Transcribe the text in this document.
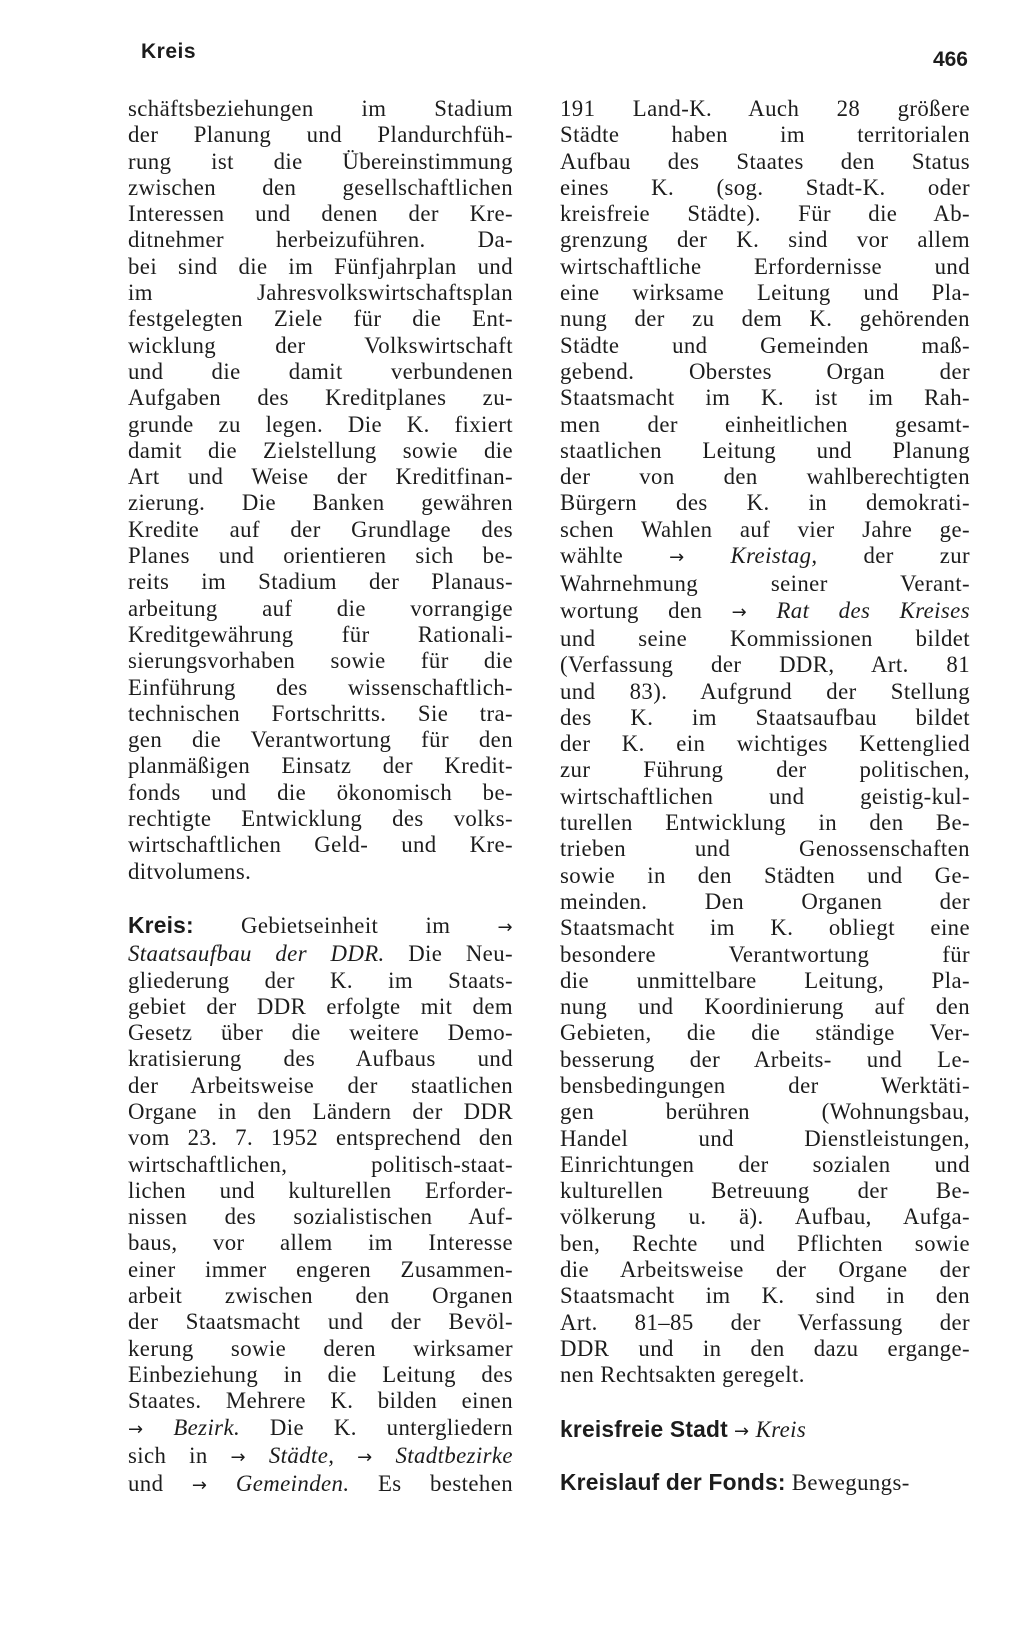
Kreis	466
schäftsbeziehungen im Stadium
der Planung und Plandurchfüh-
rung ist die Übereinstimmung
zwischen den gesellschaftlichen
Interessen und denen der Kre-
ditnehmer herbeizuführen. Da-
bei sind die im Fünfjahrplan und
im Jahresvolkswirtschaftsplan
festgelegten Ziele für die Ent-
wicklung der Volkswirtschaft
und die damit verbundenen
Aufgaben des Kreditplanes zu-
grunde zu legen. Die K. fixiert
damit die Zielstellung sowie die
Art und Weise der Kreditfinan-
zierung. Die Banken gewähren
Kredite auf der Grundlage des
Planes und orientieren sich be-
reits im Stadium der Planaus-
arbeitung auf die vorrangige
Kreditgewährung für Rationali-
sierungsvorhaben sowie für die
Einführung des wissenschaftlich-
technischen Fortschritts. Sie tra-
gen die Verantwortung für den
planmäßigen Einsatz der Kredit-
fonds und die ökonomisch be-
rechtigte Entwicklung des volks-
wirtschaftlichen Geld- und Kre-
ditvolumens.
Kreis: Gebietseinheit im	→
Staatsaufbau der DDR. Die Neu-
gliederung der K. im Staats-
gebiet der DDR erfolgte mit dem
Gesetz über die weitere Demo-
kratisierung des Aufbaus und
der Arbeitsweise der staatlichen
Organe in den Ländern der DDR
vom 23. 7. 1952 entsprechend den
wirtschaftlichen, politisch-staat-
lichen und kulturellen Erforder-
nissen des sozialistischen Auf-
baus, vor allem im Interesse
einer immer engeren Zusammen-
arbeit zwischen den Organen
der Staatsmacht und der Bevöl-
kerung sowie deren wirksamer
Einbeziehung in die Leitung des
Staates. Mehrere K. bilden einen
→ Bezirk. Die K. untergliedern
sich in → Städte, → Stadtbezirke
und → Gemeinden. Es bestehen
191 Land-K. Auch 28 größere
Städte haben im territorialen
Aufbau des Staates den Status
eines K. (sog. Stadt-K. oder
kreisfreie Städte). Für die Ab-
grenzung der K. sind vor allem
wirtschaftliche Erfordernisse und
eine wirksame Leitung und Pla-
nung der zu dem K. gehörenden
Städte und Gemeinden maß-
gebend. Oberstes Organ der
Staatsmacht im K. ist im Rah-
men der einheitlichen gesamt-
staatlichen Leitung und Planung
der von den wahlberechtigten
Bürgern des K. in demokrati-
schen Wahlen auf vier Jahre ge-
wählte	→ Kreistag, der zur
Wahrnehmung seiner Verant-
wortung den → Rat des Kreises
und seine Kommissionen bildet
(Verfassung der DDR, Art. 81
und 83). Aufgrund der Stellung
des K. im Staatsaufbau bildet
der K. ein wichtiges Kettenglied
zur Führung der politischen,
wirtschaftlichen und geistig-kul-
turellen Entwicklung in den Be-
trieben und Genossenschaften
sowie in den Städten und Ge-
meinden. Den Organen der
Staatsmacht im K. obliegt eine
besondere Verantwortung für
die unmittelbare Leitung, Pla-
nung und Koordinierung auf den
Gebieten, die die ständige Ver-
besserung der Arbeits- und Le-
bensbedingungen der Werktäti-
gen berühren (Wohnungsbau,
Handel und Dienstleistungen,
Einrichtungen der sozialen und
kulturellen Betreuung der Be-
völkerung u. ä). Aufbau, Aufga-
ben, Rechte und Pflichten sowie
die Arbeitsweise der Organe der
Staatsmacht im K. sind in den
Art. 81–85 der Verfassung der
DDR und in den dazu ergange-
nen Rechtsakten geregelt.
kreisfreie Stadt → Kreis
Kreislauf der Fonds: Bewegungs-
